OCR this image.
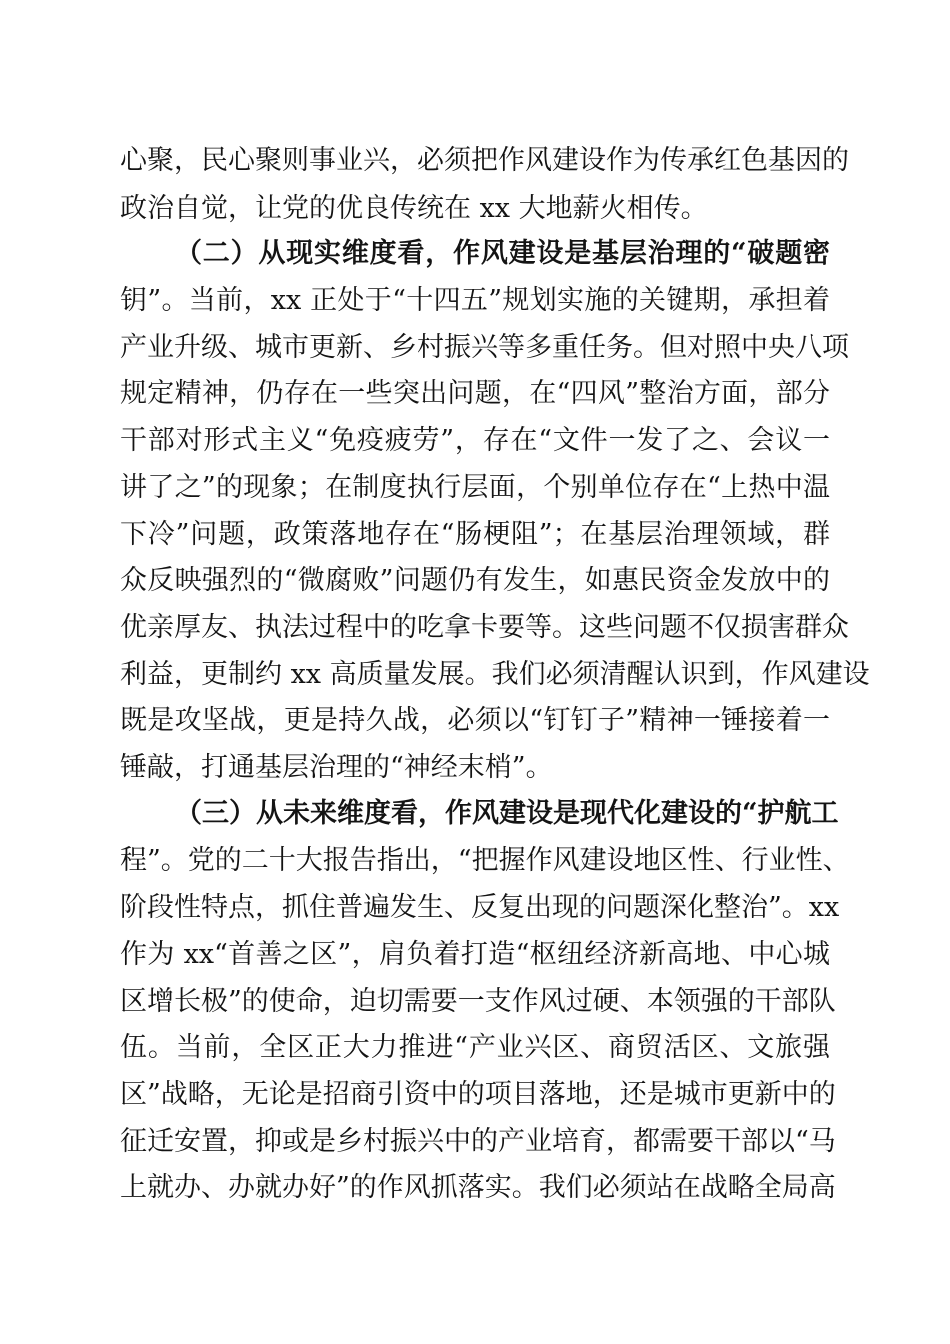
心聚，民心聚则事业兴，必须把作风建设作为传承红色基因的
政治自觉，让党的优良传统在 xx 大地薪火相传。
（二）从现实维度看，作风建设是基层治理的“破题密
钥”。当前，xx 正处于“十四五”规划实施的关键期，承担着
产业升级、城市更新、乡村振兴等多重任务。但对照中央八项
规定精神，仍存在一些突出问题，在“四风”整治方面，部分
干部对形式主义“免疫疲劳”，存在“文件一发了之、会议一
讲了之”的现象；在制度执行层面，个别单位存在“上热中温
下冷”问题，政策落地存在“肠梗阻”；在基层治理领域，群
众反映强烈的“微腐败”问题仍有发生，如惠民资金发放中的
优亲厚友、执法过程中的吃拿卡要等。这些问题不仅损害群众
利益，更制约 xx 高质量发展。我们必须清醒认识到，作风建设
既是攻坚战，更是持久战，必须以“钉钉子”精神一锤接着一
锤敲，打通基层治理的“神经末梢”。
（三）从未来维度看，作风建设是现代化建设的“护航工
程”。党的二十大报告指出，“把握作风建设地区性、行业性、
阶段性特点，抓住普遍发生、反复出现的问题深化整治”。xx
作为 xx“首善之区”，肩负着打造“枢纽经济新高地、中心城
区增长极”的使命，迫切需要一支作风过硬、本领强的干部队
伍。当前，全区正大力推进“产业兴区、商贸活区、文旅强
区”战略，无论是招商引资中的项目落地，还是城市更新中的
征迁安置，抑或是乡村振兴中的产业培育，都需要干部以“马
上就办、办就办好”的作风抓落实。我们必须站在战略全局高
